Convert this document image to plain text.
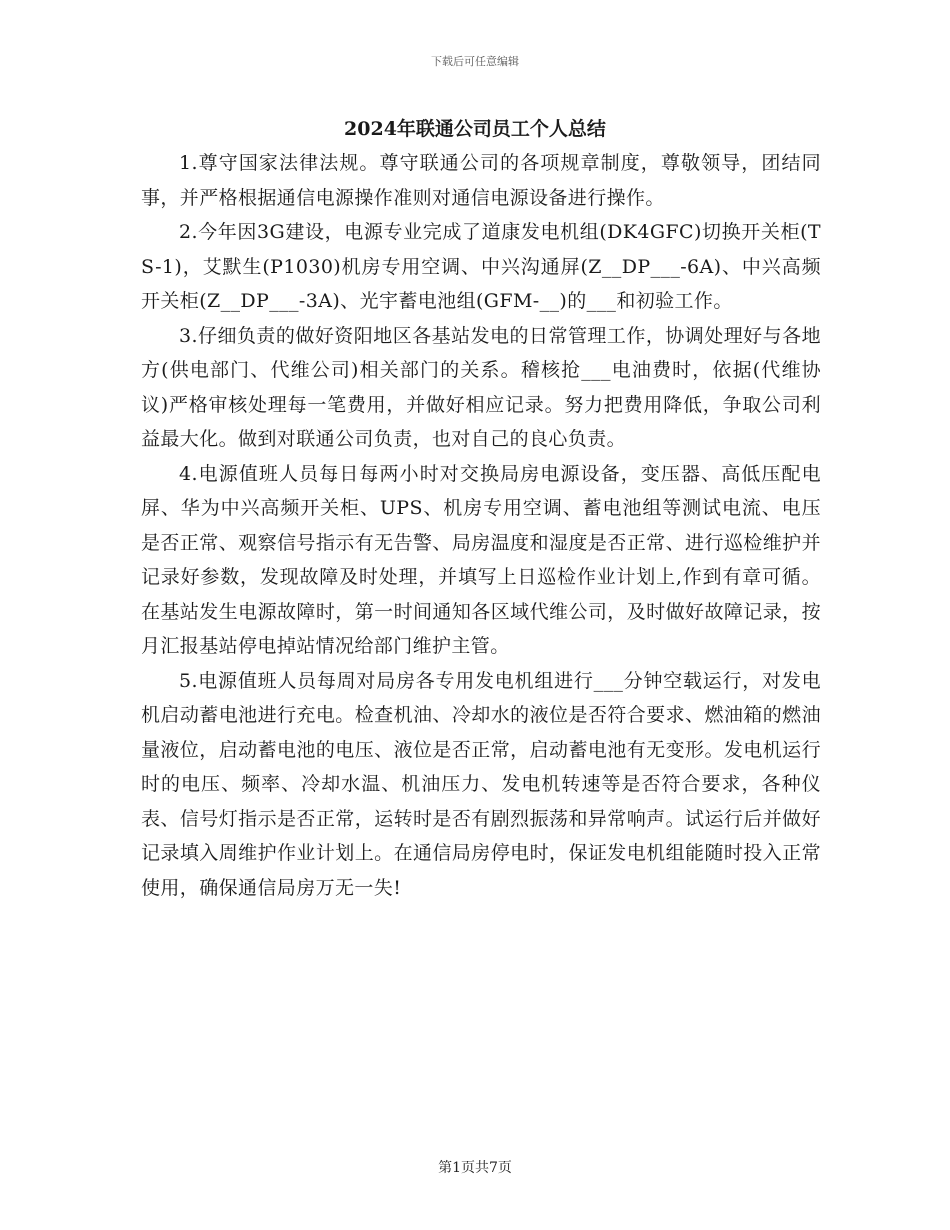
下载后可任意编辑
2024年联通公司员工个人总结

1.尊守国家法律法规。尊守联通公司的各项规章制度，尊敬领导，团结同事，并严格根据通信电源操作准则对通信电源设备进行操作。

2.今年因3G建设，电源专业完成了道康发电机组(DK4GFC)切换开关柜(TS-1)，艾默生(P1030)机房专用空调、中兴沟通屏(Z__DP___-6A)、中兴高频开关柜(Z__DP___-3A)、光宇蓄电池组(GFM-__)的___和初验工作。

3.仔细负责的做好资阳地区各基站发电的日常管理工作，协调处理好与各地方(供电部门、代维公司)相关部门的关系。稽核抢___电油费时，依据(代维协议)严格审核处理每一笔费用，并做好相应记录。努力把费用降低，争取公司利益最大化。做到对联通公司负责，也对自己的良心负责。

4.电源值班人员每日每两小时对交换局房电源设备，变压器、高低压配电屏、华为中兴高频开关柜、UPS、机房专用空调、蓄电池组等测试电流、电压是否正常、观察信号指示有无告警、局房温度和湿度是否正常、进行巡检维护并记录好参数，发现故障及时处理，并填写上日巡检作业计划上,作到有章可循。在基站发生电源故障时，第一时间通知各区域代维公司，及时做好故障记录，按月汇报基站停电掉站情况给部门维护主管。

5.电源值班人员每周对局房各专用发电机组进行___分钟空载运行，对发电机启动蓄电池进行充电。检查机油、冷却水的液位是否符合要求、燃油箱的燃油量液位，启动蓄电池的电压、液位是否正常，启动蓄电池有无变形。发电机运行时的电压、频率、冷却水温、机油压力、发电机转速等是否符合要求，各种仪表、信号灯指示是否正常，运转时是否有剧烈振荡和异常响声。试运行后并做好记录填入周维护作业计划上。在通信局房停电时，保证发电机组能随时投入正常使用，确保通信局房万无一失!

第1页共7页
